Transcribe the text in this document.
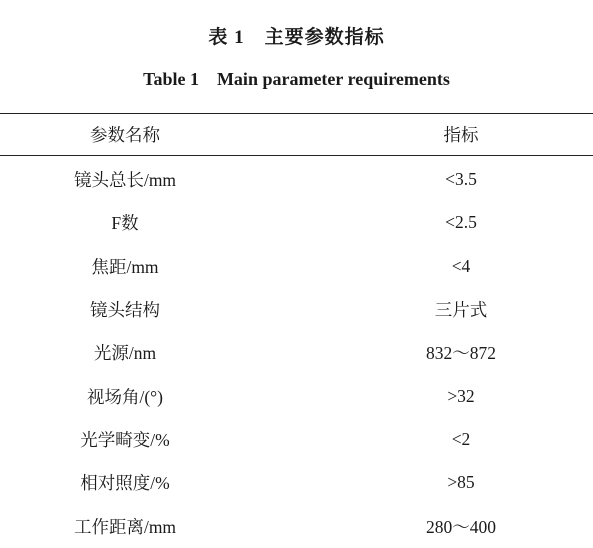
表 1　主要参数指标
Table 1　Main parameter requirements
参数名称	指标
镜头总长/mm	<3.5
F数	<2.5
焦距/mm	<4
镜头结构	三片式
光源/nm	832～872
视场角/(°)	>32
光学畸变/%	<2
相对照度/%	>85
工作距离/mm	280～400
